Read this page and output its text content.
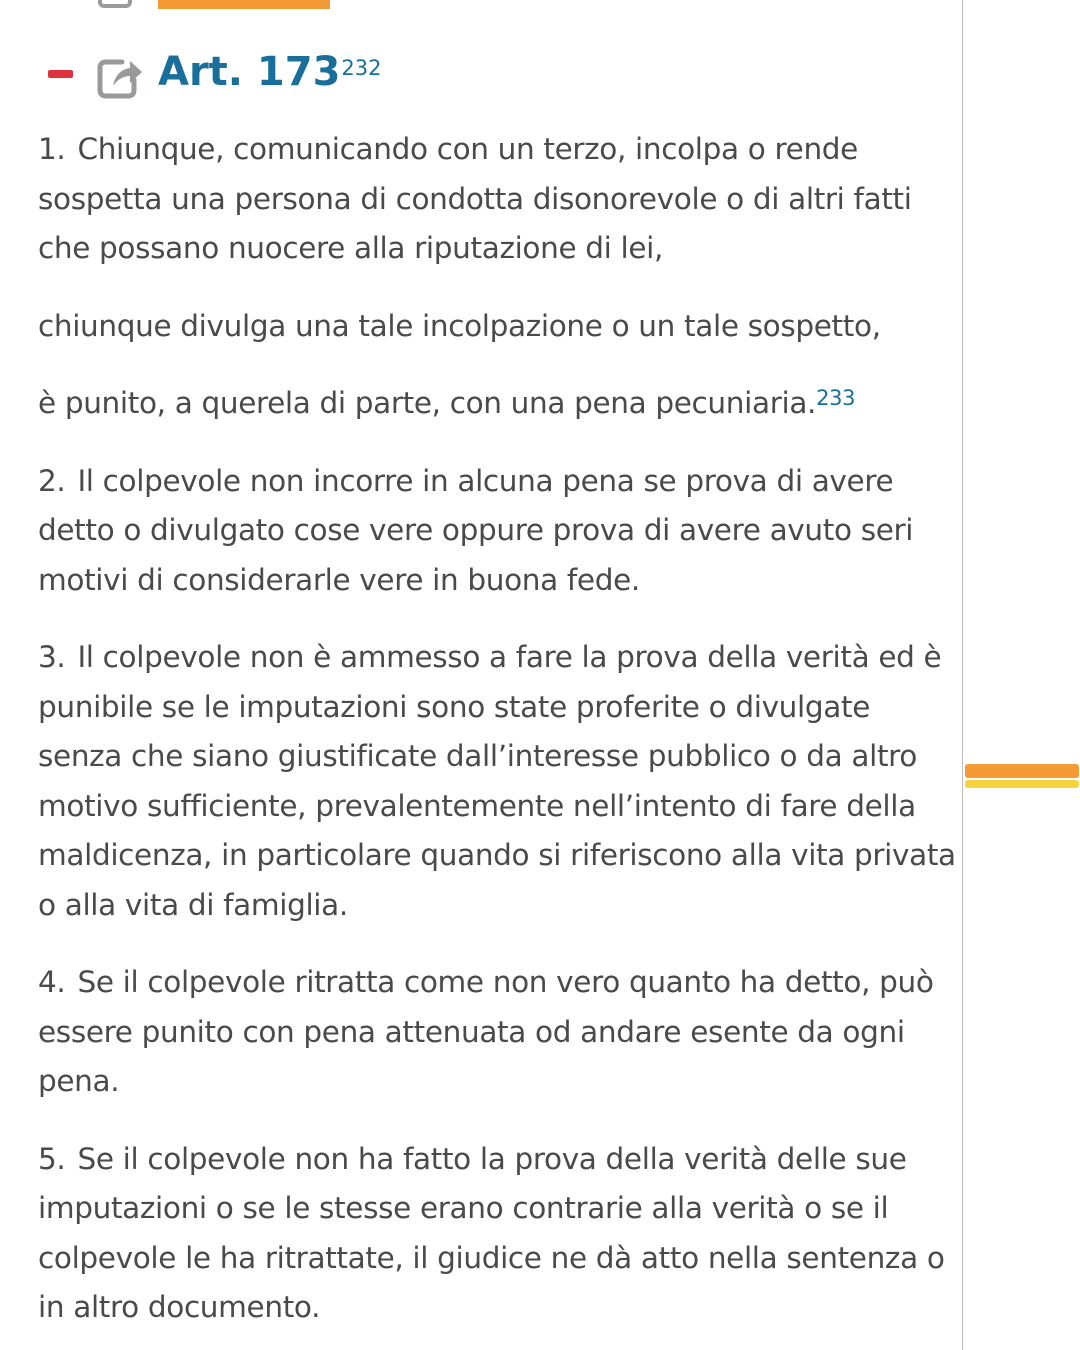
Art. $173^{232}$

1. Chiunque, comunicando con un terzo, incolpa o rende
sospetta una persona di condotta disonorevole o di altri fatti
che possano nuocere alla riputazione di lei,

chiunque divulga una tale incolpazione o un tale sospetto,

è punito, a querela di parte, con una pena pecuniaria.$^{233}$

2. Il colpevole non incorre in alcuna pena se prova di avere
detto o divulgato cose vere oppure prova di avere avuto seri
motivi di considerarle vere in buona fede.

3. Il colpevole non è ammesso a fare la prova della verità ed è
punibile se le imputazioni sono state proferite o divulgate
senza che siano giustificate dall’interesse pubblico o da altro
motivo sufficiente, prevalentemente nell’intento di fare della
maldicenza, in particolare quando si riferiscono alla vita privata
o alla vita di famiglia.

4. Se il colpevole ritratta come non vero quanto ha detto, può
essere punito con pena attenuata od andare esente da ogni
pena.

5. Se il colpevole non ha fatto la prova della verità delle sue
imputazioni o se le stesse erano contrarie alla verità o se il
colpevole le ha ritrattate, il giudice ne dà atto nella sentenza o
in altro documento.
